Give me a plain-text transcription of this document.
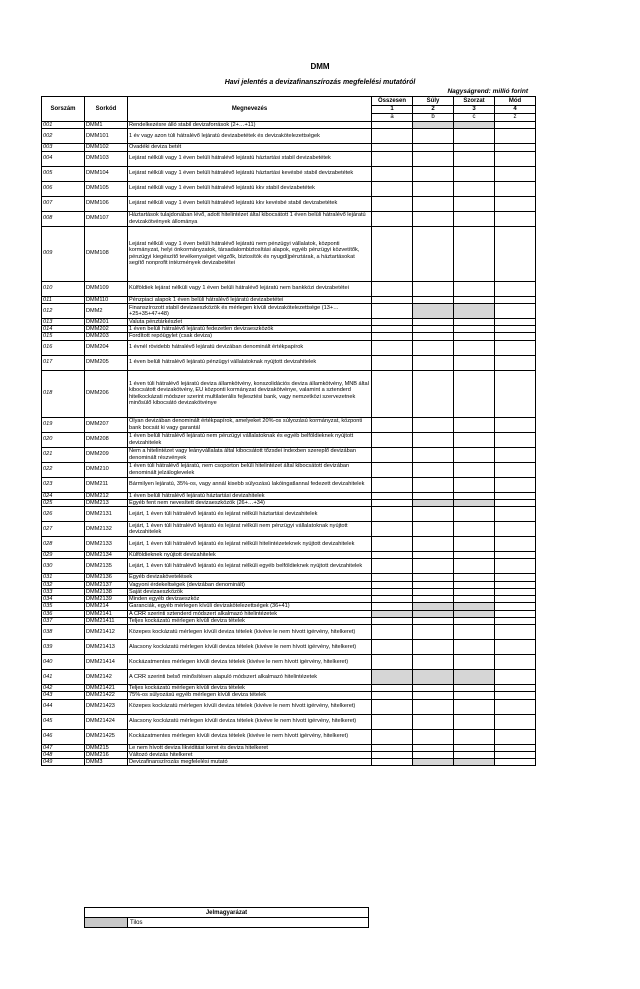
DMM
Havi jelentés a devizafinanszírozás megfelelési mutatóról
Nagyságrend: millió forint
Sorszám	Sorkód	Megnevezés	Összesen	Súly	Szorzat	Mód
			1	2	3	4
			a	b	c	z
001	DMM1	Rendelkezésre álló stabil devizaforrások (2+…+11)				
002	DMM101	1 év vagy azon túli hátralévő lejáratú devizabetétek és devizakötelezettségek				
003	DMM102	Óvadéki deviza betét				
004	DMM103	Lejárat nélküli vagy 1 éven belüli hátralévő lejáratú háztartási stabil devizabetétek				
005	DMM104	Lejárat nélküli vagy 1 éven belüli hátralévő lejáratú háztartási kevésbé stabil devizabetétek				
006	DMM105	Lejárat nélküli vagy 1 éven belüli hátralévő lejáratú kkv stabil devizabetétek				
007	DMM106	Lejárat nélküli vagy 1 éven belüli hátralévő lejáratú kkv kevésbé stabil devizabetétek				
008	DMM107	Háztartások tulajdonában lévő, adott hitelintézet által kibocsátott 1 éven belüli hátralévő lejáratú devizakötvények állománya				
009	DMM108	Lejárat nélküli vagy 1 éven belüli hátralévő lejáratú nem pénzügyi vállalatok, központi kormányzat, helyi önkormányzatok, társadalombiztosítási alapok, egyéb pénzügyi közvetítők, pénzügyi kiegészítő tevékenységet végzők, biztosítók és nyugdíjpénztárak, a háztartásokat segítő nonprofit intézmények devizabetétei				
010	DMM109	Külföldiek lejárat nélküli vagy 1 éven belüli hátralévő lejáratú nem bankközi devizabetétei				
011	DMM110	Pénzpiaci alapok 1 éven belüli hátralévő lejáratú devizabetétei				
012	DMM2	Finanszírozott stabil devizaeszközök és mérlegen kívüli devizakötelezettsége (13+…+25+35+47+48)				
013	DMM201	Valuta pénztárkészlet				
014	DMM202	1 éven belüli hátralévő lejáratú fedezetlen devizaeszközök				
015	DMM203	Fordított repóügylet (csak deviza)				
016	DMM204	1 évnél rövidebb hátralévő lejáratú devizában denominált értékpapírok				
017	DMM205	1 éven belüli hátralévő lejáratú pénzügyi vállalatoknak nyújtott devizahitelek				
018	DMM206	1 éven túli hátralévő lejáratú deviza államkötvény, konszolidációs deviza államkötvény, MNB által kibocsátott devizakötvény, EU központi kormányzat devizakötvénye, valamint a sztenderd hitelkockázati módszer szerint multilaterális fejlesztési bank, vagy nemzetközi szervezetnek minősülő kibocsátó devizakötvénye				
019	DMM207	Olyan devizában denominált értékpapírok, amelyeket 20%-os súlyozású kormányzat, központi bank bocsát ki vagy garantál				
020	DMM208	1 éven belüli hátralévő lejáratú nem pénzügyi vállalatoknak és egyéb belföldieknek nyújtott devizahitelek				
021	DMM209	Nem a hitelintézet vagy leányvállalata által kibocsátott tőzsdei indexben szereplő devizában denominált részvények				
022	DMM210	1 éven túli hátralévő lejáratú, nem csoporton belüli hitelintézet által kibocsátott devizában denominált jelzáloglevelek				
023	DMM211	Bármilyen lejáratú, 35%-os, vagy annál kisebb súlyozású lakóingatlannal fedezett devizahitelek				
024	DMM212	1 éven belüli hátralévő lejáratú háztartási devizahitelek				
025	DMM213	Egyéb fent nem nevesített devizaeszközök (26+…+34)				
026	DMM2131	Lejárt, 1 éven túli hátralévő lejáratú és lejárat nélküli háztartási devizahitelek				
027	DMM2132	Lejárt, 1 éven túli hátralévő lejáratú és lejárat nélküli nem pénzügyi vállalatoknak nyújtott devizahitelek				
028	DMM2133	Lejárt, 1 éven túli hátralévő lejáratú és lejárat nélküli hitelintézeteknek nyújtott devizahitelek				
029	DMM2134	Külföldieknek nyújtott devizahitelek				
030	DMM2135	Lejárt, 1 éven túli hátralévő lejáratú és lejárat nélküli egyéb belföldieknek nyújtott devizahitelek				
031	DMM2136	Egyéb devizakövetelések				
032	DMM2137	Vagyoni érdekeltségek (devizában denominált)				
033	DMM2138	Saját devizaeszközök				
034	DMM2139	Minden egyéb devizaeszköz				
035	DMM214	Garanciák, egyéb mérlegen kívüli devizakötelezettségek (36+41)				
036	DMM2141	A CRR szerinti sztenderd módszert alkalmazó hitelintézetek				
037	DMM21411	Teljes kockázatú mérlegen kívüli deviza tételek				
038	DMM21412	Közepes kockázatú mérlegen kívüli deviza tételek (kivéve le nem hívott igérvény, hitelkeret)				
039	DMM21413	Alacsony kockázatú mérlegen kívüli deviza tételek (kivéve le nem hívott igérvény, hitelkeret)				
040	DMM21414	Kockázatmentes mérlegen kívüli deviza tételek (kivéve le nem hívott igérvény, hitelkeret)				
041	DMM2142	A CRR szerinti belső minősítésen alapuló módszert alkalmazó hitelintézetek				
042	DMM21421	Teljes kockázatú mérlegen kívüli deviza tételek				
043	DMM21422	75%-os súlyozású egyéb mérlegen kívüli deviza tételek				
044	DMM21423	Közepes kockázatú mérlegen kívüli deviza tételek (kivéve le nem hívott igérvény, hitelkeret)				
045	DMM21424	Alacsony kockázatú mérlegen kívüli deviza tételek (kivéve le nem hívott igérvény, hitelkeret)				
046	DMM21425	Kockázatmentes mérlegen kívüli deviza tételek (kivéve le nem hívott igérvény, hitelkeret)				
047	DMM215	Le nem hívott deviza likviditási keret és deviza hitelkeret				
048	DMM216	Változó devizás hitelkeret				
049	DMM3	Devizafinanszírozás megfelelési mutató				
Jelmagyarázat
	Tilos
